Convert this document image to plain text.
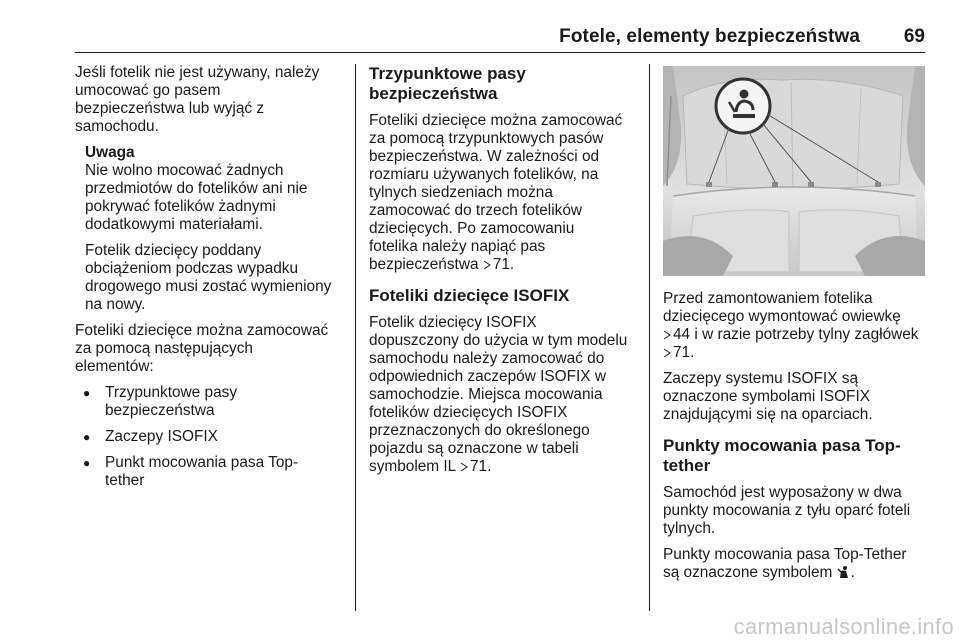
Fotele, elementy bezpieczeństwa 69

Jeśli fotelik nie jest używany, należy
umocować go pasem
bezpieczeństwa lub wyjąć z
samochodu.

Uwaga

Nie wolno mocować żadnych
przedmiotów do fotelików ani nie
pokrywać fotelików żadnymi
dodatkowymi materiałami.

Fotelik dziecięcy poddany
obciążeniom podczas wypadku
drogowego musi zostać wymieniony
na nowy.

Foteliki dziecięce można zamocować
za pomocą następujących
elementów:

● Trzypunktowe pasy
bezpieczeństwa
● Zaczepy ISOFIX
● Punkt mocowania pasa Top-
tether
Trzypunktowe pasy
bezpieczeństwa

Foteliki dziecięce można zamocować
za pomocą trzypunktowych pasów
bezpieczeństwa. W zależności od
rozmiaru używanych fotelików, na
tylnych siedzeniach można
zamocować do trzech fotelików
dziecięcych. Po zamocowaniu
fotelika należy napiąć pas
bezpieczeństwa 71.

Foteliki dziecięce ISOFIX

Fotelik dziecięcy ISOFIX
dopuszczony do użycia w tym modelu
samochodu należy zamocować do
odpowiednich zaczepów ISOFIX w
samochodzie. Miejsca mocowania
fotelików dziecięcych ISOFIX
przeznaczonych do określonego
pojazdu są oznaczone w tabeli
symbolem IL 71.

Przed zamontowaniem fotelika
dziecięcego wymontować owiewkę
44 i w razie potrzeby tylny zagłówek
71.

Zaczepy systemu ISOFIX są
oznaczone symbolami ISOFIX
znajdującymi się na oparciach.

Punkty mocowania pasa Top-
tether

Samochód jest wyposażony w dwa
punkty mocowania z tyłu oparć foteli
tylnych.

Punkty mocowania pasa Top-Tether
są oznaczone symbolem .

carmanualsonline.info
